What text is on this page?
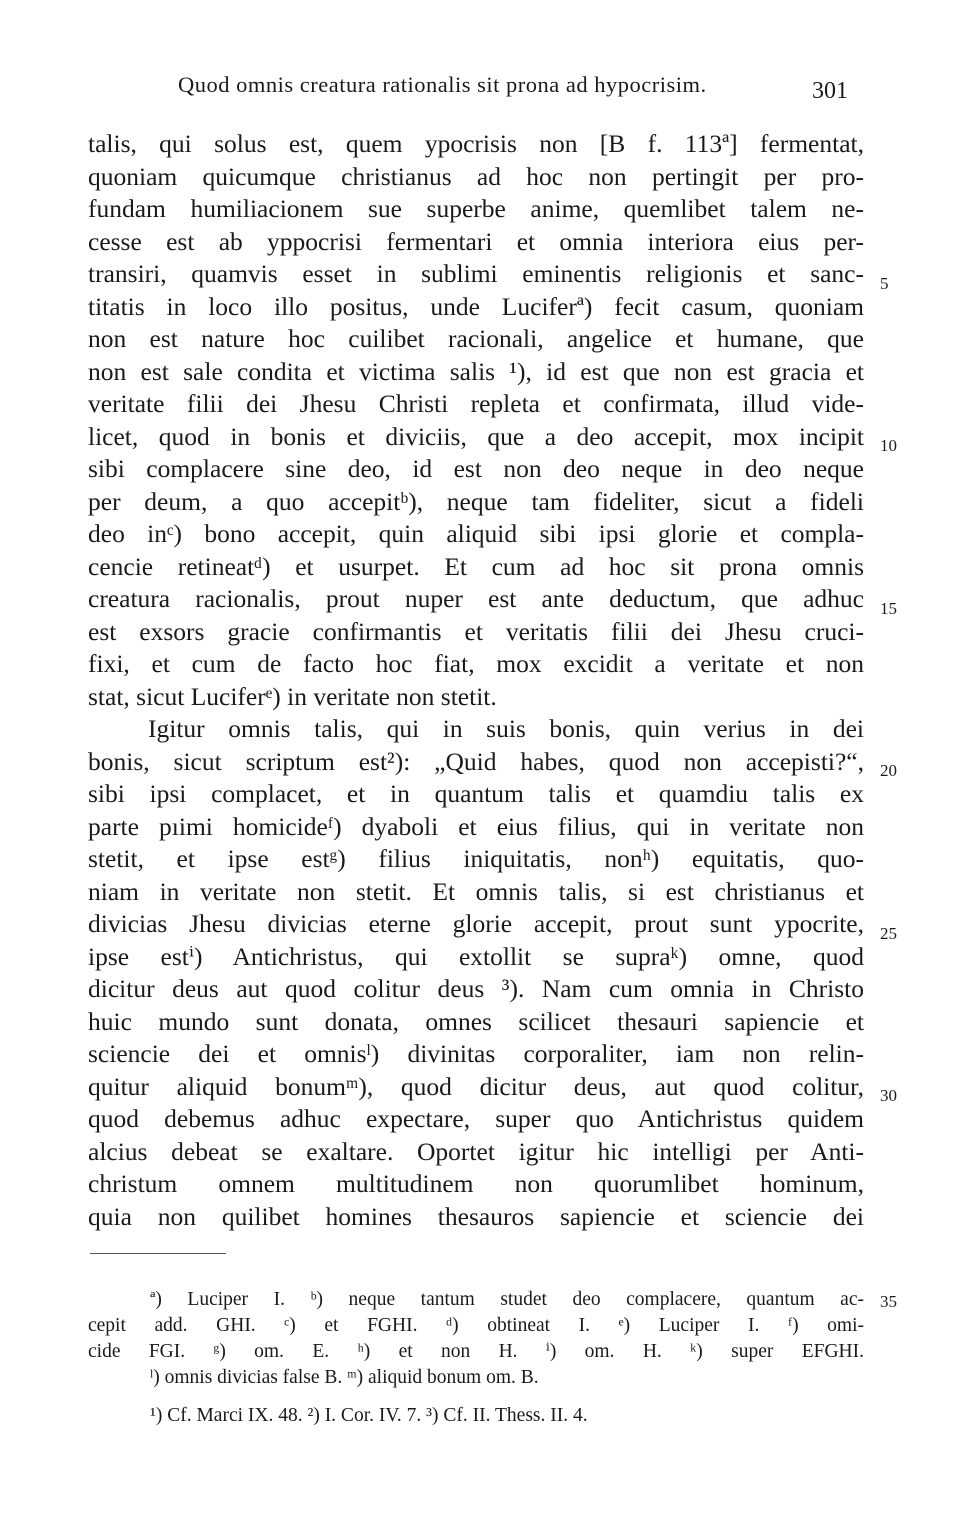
Quod omnis creatura rationalis sit prona ad hypocrisim.	301
talis, qui solus est, quem ypocrisis non [B f. 113ª] fermentat,
quoniam quicumque christianus ad hoc non pertingit per pro-
fundam humiliacionem sue superbe anime, quemlibet talem ne-
cesse est ab yppocrisi fermentari et omnia interiora eius per-
transiri, quamvis esset in sublimi eminentis religionis et sanc-
titatis in loco illo positus, unde Luciferª) fecit casum, quoniam
non est nature hoc cuilibet racionali, angelice et humane, que
non est sale condita et victima salis ¹), id est que non est gracia et
veritate filii dei Jhesu Christi repleta et confirmata, illud vide-
licet, quod in bonis et diviciis, que a deo accepit, mox incipit
sibi complacere sine deo, id est non deo neque in deo neque
per deum, a quo accepitᵇ), neque tam fideliter, sicut a fideli
deo inᶜ) bono accepit, quin aliquid sibi ipsi glorie et compla-
cencie retineatᵈ) et usurpet. Et cum ad hoc sit prona omnis
creatura racionalis, prout nuper est ante deductum, que adhuc
est exsors gracie confirmantis et veritatis filii dei Jhesu cruci-
fixi, et cum de facto hoc fiat, mox excidit a veritate et non
stat, sicut Luciferᵉ) in veritate non stetit.
Igitur omnis talis, qui in suis bonis, quin verius in dei
bonis, sicut scriptum est²): „Quid habes, quod non accepisti?“,
sibi ipsi complacet, et in quantum talis et quamdiu talis ex
parte pıimi homicideᶠ) dyaboli et eius filius, qui in veritate non
stetit, et ipse estᵍ) filius iniquitatis, nonʰ) equitatis, quo-
niam in veritate non stetit. Et omnis talis, si est christianus et
divicias Jhesu divicias eterne glorie accepit, prout sunt ypocrite,
ipse estⁱ) Antichristus, qui extollit se supraᵏ) omne, quod
dicitur deus aut quod colitur deus ³). Nam cum omnia in Christo
huic mundo sunt donata, omnes scilicet thesauri sapiencie et
sciencie dei et omnisˡ) divinitas corporaliter, iam non relin-
quitur aliquid bonumᵐ), quod dicitur deus, aut quod colitur,
quod debemus adhuc expectare, super quo Antichristus quidem
alcius debeat se exaltare. Oportet igitur hic intelligi per Anti-
christum omnem multitudinem non quorumlibet hominum,
quia non quilibet homines thesauros sapiencie et sciencie dei
5
10
15
20
25
30
ª) Luciper I. ᵇ) neque tantum studet deo complacere, quantum ac-
cepit add. GHI. ᶜ) et FGHI. ᵈ) obtineat I. ᵉ) Luciper I. ᶠ) omi-
cide FGI. ᵍ) om. E. ʰ) et non H. ⁱ) om. H. ᵏ) super EFGHI.
ˡ) omnis divicias false B. ᵐ) aliquid bonum om. B.
¹) Cf. Marci IX. 48. ²) I. Cor. IV. 7. ³) Cf. II. Thess. II. 4.
35
